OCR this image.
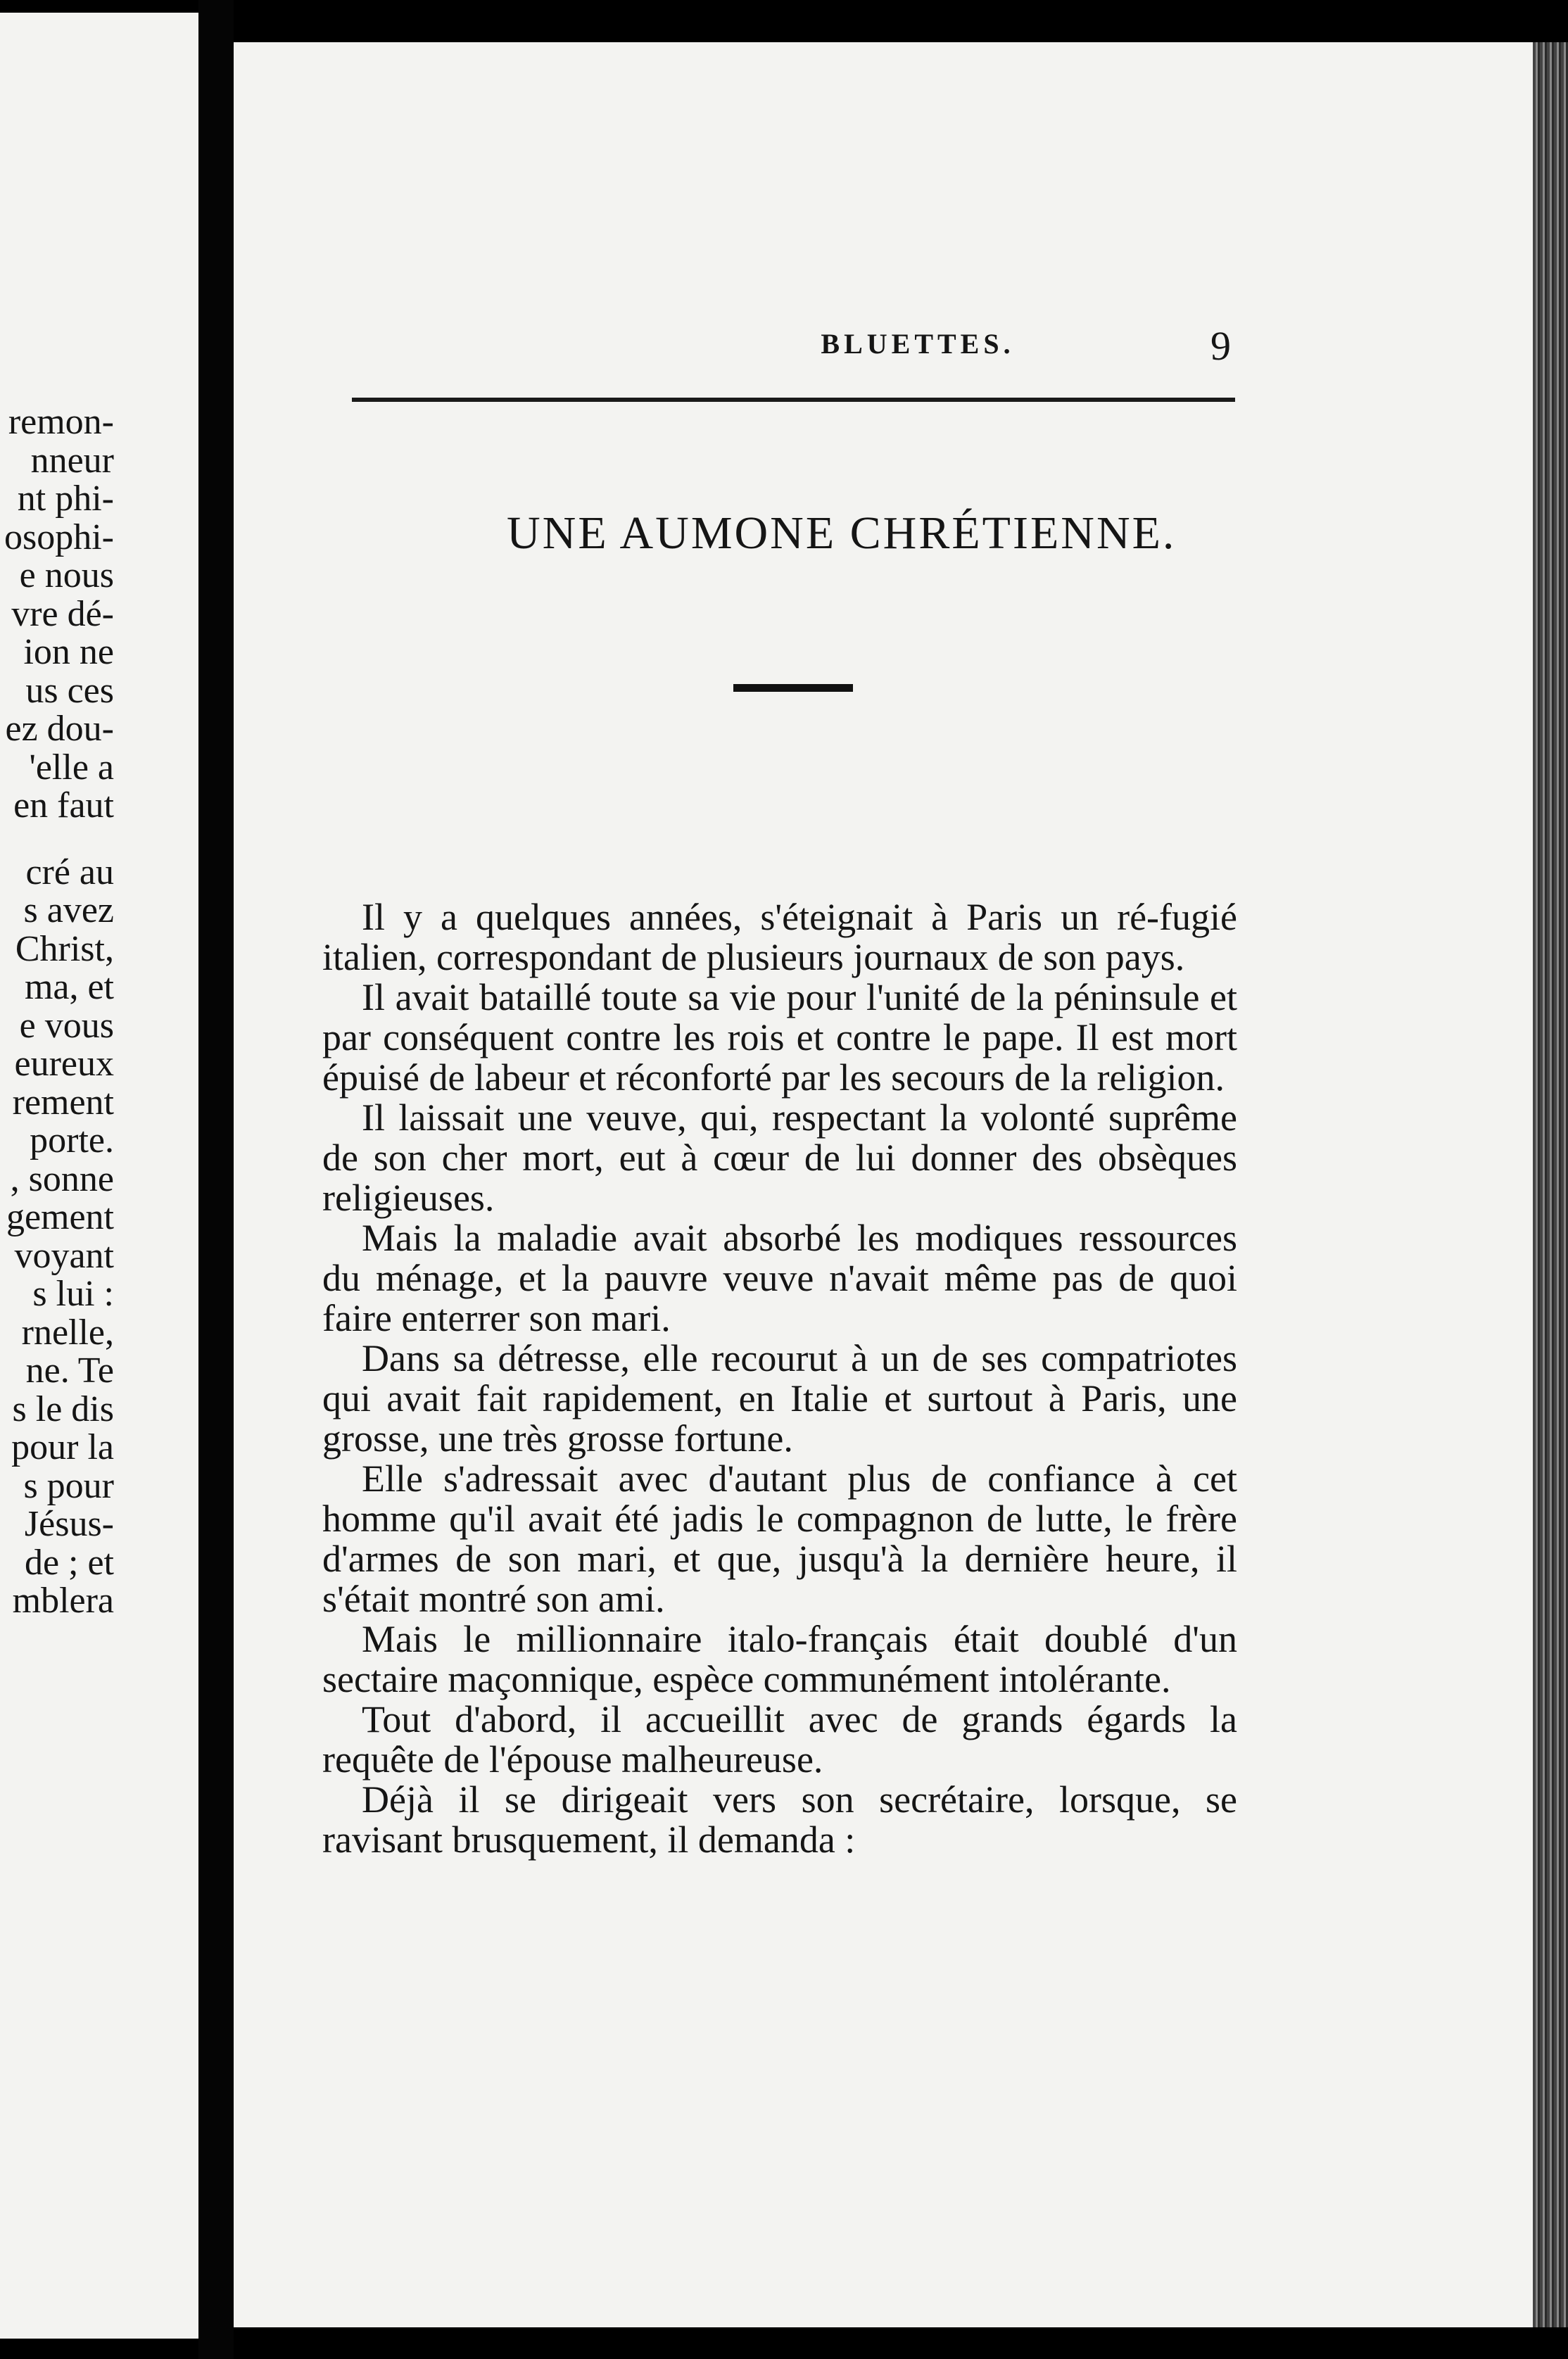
remon-
nneur
nt phi-
osophi-
e nous
vre dé-
ion ne
us ces
ez dou-
'elle a
en faut
cré au
s avez
Christ,
ma, et
e vous
eureux
rement
porte.
, sonne
gement
voyant
s lui :
rnelle,
ne. Te
s le dis
pour la
s pour
Jésus-
de ; et
mblera
BLUETTES.	9
UNE AUMONE CHRÉTIENNE.

Il y a quelques années, s'éteignait à Paris un ré-fugié italien, correspondant de plusieurs journaux de son pays.

Il avait bataillé toute sa vie pour l'unité de la péninsule et par conséquent contre les rois et contre le pape. Il est mort épuisé de labeur et réconforté par les secours de la religion.

Il laissait une veuve, qui, respectant la volonté suprême de son cher mort, eut à cœur de lui donner des obsèques religieuses.

Mais la maladie avait absorbé les modiques ressources du ménage, et la pauvre veuve n'avait même pas de quoi faire enterrer son mari.

Dans sa détresse, elle recourut à un de ses compatriotes qui avait fait rapidement, en Italie et surtout à Paris, une grosse, une très grosse fortune.

Elle s'adressait avec d'autant plus de confiance à cet homme qu'il avait été jadis le compagnon de lutte, le frère d'armes de son mari, et que, jusqu'à la dernière heure, il s'était montré son ami.

Mais le millionnaire italo-français était doublé d'un sectaire maçonnique, espèce communément intolérante.

Tout d'abord, il accueillit avec de grands égards la requête de l'épouse malheureuse.

Déjà il se dirigeait vers son secrétaire, lorsque, se ravisant brusquement, il demanda :
